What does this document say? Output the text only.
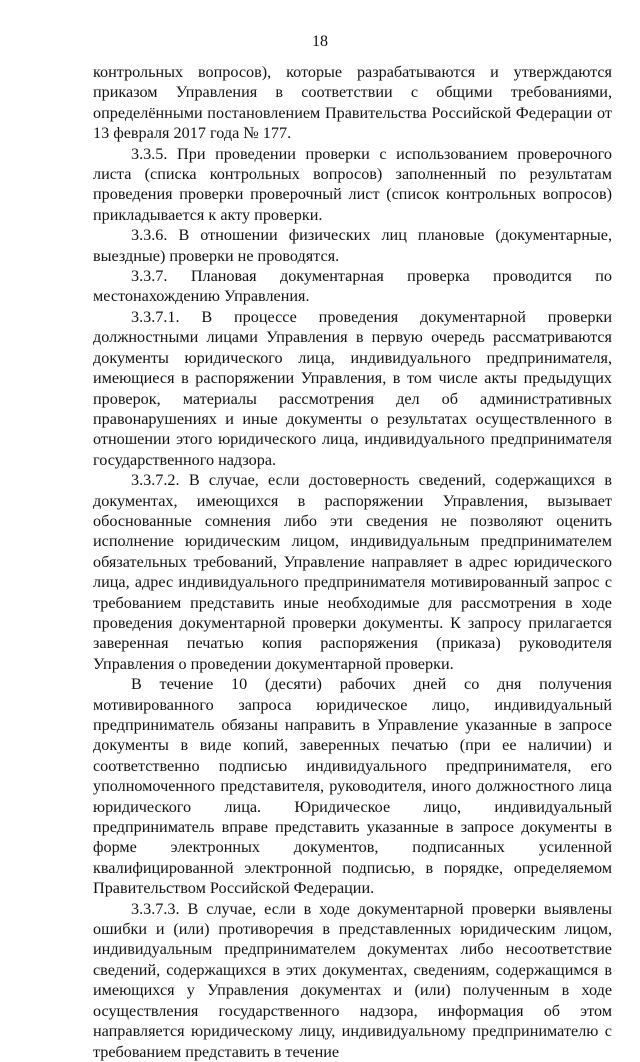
18

контрольных вопросов), которые разрабатываются и утверждаются приказом Управления в соответствии с общими требованиями, определёнными постановлением Правительства Российской Федерации от 13 февраля 2017 года № 177.

3.3.5. При проведении проверки с использованием проверочного листа (списка контрольных вопросов) заполненный по результатам проведения проверки проверочный лист (список контрольных вопросов) прикладывается к акту проверки.

3.3.6. В отношении физических лиц плановые (документарные, выездные) проверки не проводятся.

3.3.7. Плановая документарная проверка проводится по местонахождению Управления.

3.3.7.1. В процессе проведения документарной проверки должностными лицами Управления в первую очередь рассматриваются документы юридического лица, индивидуального предпринимателя, имеющиеся в распоряжении Управления, в том числе акты предыдущих проверок, материалы рассмотрения дел об административных правонарушениях и иные документы о результатах осуществленного в отношении этого юридического лица, индивидуального предпринимателя государственного надзора.

3.3.7.2. В случае, если достоверность сведений, содержащихся в документах, имеющихся в распоряжении Управления, вызывает обоснованные сомнения либо эти сведения не позволяют оценить исполнение юридическим лицом, индивидуальным предпринимателем обязательных требований, Управление направляет в адрес юридического лица, адрес индивидуального предпринимателя мотивированный запрос с требованием представить иные необходимые для рассмотрения в ходе проведения документарной проверки документы. К запросу прилагается заверенная печатью копия распоряжения (приказа) руководителя Управления о проведении документарной проверки.

В течение 10 (десяти) рабочих дней со дня получения мотивированного запроса юридическое лицо, индивидуальный предприниматель обязаны направить в Управление указанные в запросе документы в виде копий, заверенных печатью (при ее наличии) и соответственно подписью индивидуального предпринимателя, его уполномоченного представителя, руководителя, иного должностного лица юридического лица. Юридическое лицо, индивидуальный предприниматель вправе представить указанные в запросе документы в форме электронных документов, подписанных усиленной квалифицированной электронной подписью, в порядке, определяемом Правительством Российской Федерации.

3.3.7.3. В случае, если в ходе документарной проверки выявлены ошибки и (или) противоречия в представленных юридическим лицом, индивидуальным предпринимателем документах либо несоответствие сведений, содержащихся в этих документах, сведениям, содержащимся в имеющихся у Управления документах и (или) полученным в ходе осуществления государственного надзора, информация об этом направляется юридическому лицу, индивидуальному предпринимателю с требованием представить в течение
